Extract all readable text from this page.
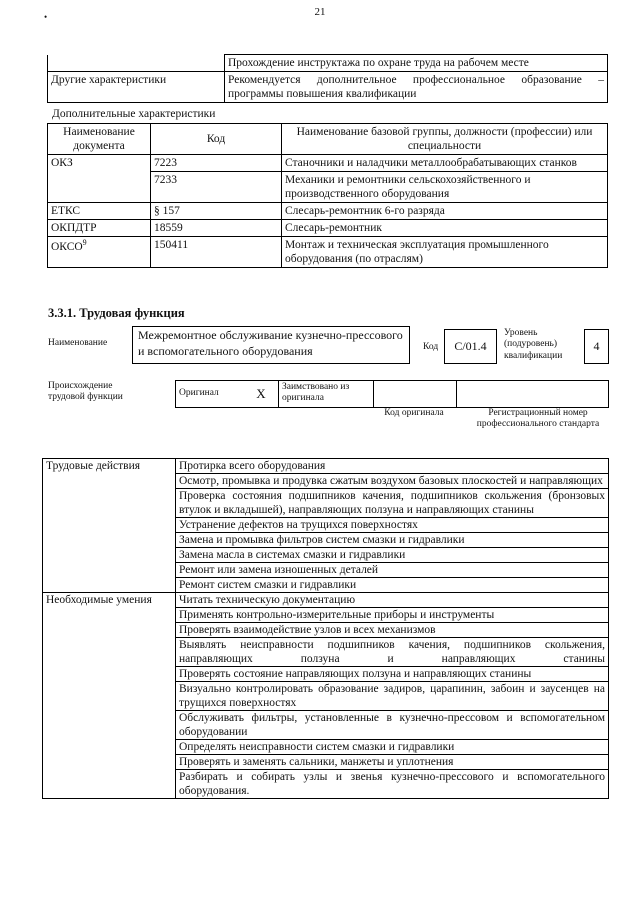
•	21
	Прохождение инструктажа по охране труда на рабочем месте
Другие характеристики	Рекомендуется дополнительное профессиональное образование – программы повышения квалификации
Дополнительные характеристики
Наименование документа	Код	Наименование базовой группы, должности (профессии) или специальности
ОКЗ	7223	Станочники и наладчики металлообрабатывающих станков
	7233	Механики и ремонтники сельскохозяйственного и производственного оборудования
ЕТКС	§ 157	Слесарь-ремонтник 6-го разряда
ОКПДТР	18559	Слесарь-ремонтник
ОКСО$^9$	150411	Монтаж и техническая эксплуатация промышленного оборудования (по отраслям)
3.3.1. Трудовая функция
Наименование
Межремонтное обслуживание кузнечно-прессового и вспомогательного оборудования	Код C/01.4
Уровень (подуровень) квалификации
4
Происхождение трудовой функции	Оригинал	X	Заимствовано из оригинала		
Код оригинала	Регистрационный номер профессионального стандарта
Трудовые действия	Протирка всего оборудования
	Осмотр, промывка и продувка сжатым воздухом базовых плоскостей и направляющих
	Проверка состояния подшипников качения, подшипников скольжения (бронзовых втулок и вкладышей), направляющих ползуна и направляющих станины
	Устранение дефектов на трущихся поверхностях
	Замена и промывка фильтров систем смазки и гидравлики
	Замена масла в системах смазки и гидравлики
	Ремонт или замена изношенных деталей
	Ремонт систем смазки и гидравлики
Необходимые умения	Читать техническую документацию
	Применять контрольно-измерительные приборы и инструменты
	Проверять взаимодействие узлов и всех механизмов
	Выявлять неисправности подшипников качения, подшипников скольжения, направляющих ползуна и направляющих станины
	Проверять состояние направляющих ползуна и направляющих станины
	Визуально контролировать образование задиров, царапинин, забоин и заусенцев на трущихся поверхностях
	Обслуживать фильтры, установленные в кузнечно-прессовом и вспомогательном оборудовании
	Определять неисправности систем смазки и гидравлики
	Проверять и заменять сальники, манжеты и уплотнения
	Разбирать и собирать узлы и звенья кузнечно-прессового и вспомогательного оборудования.
